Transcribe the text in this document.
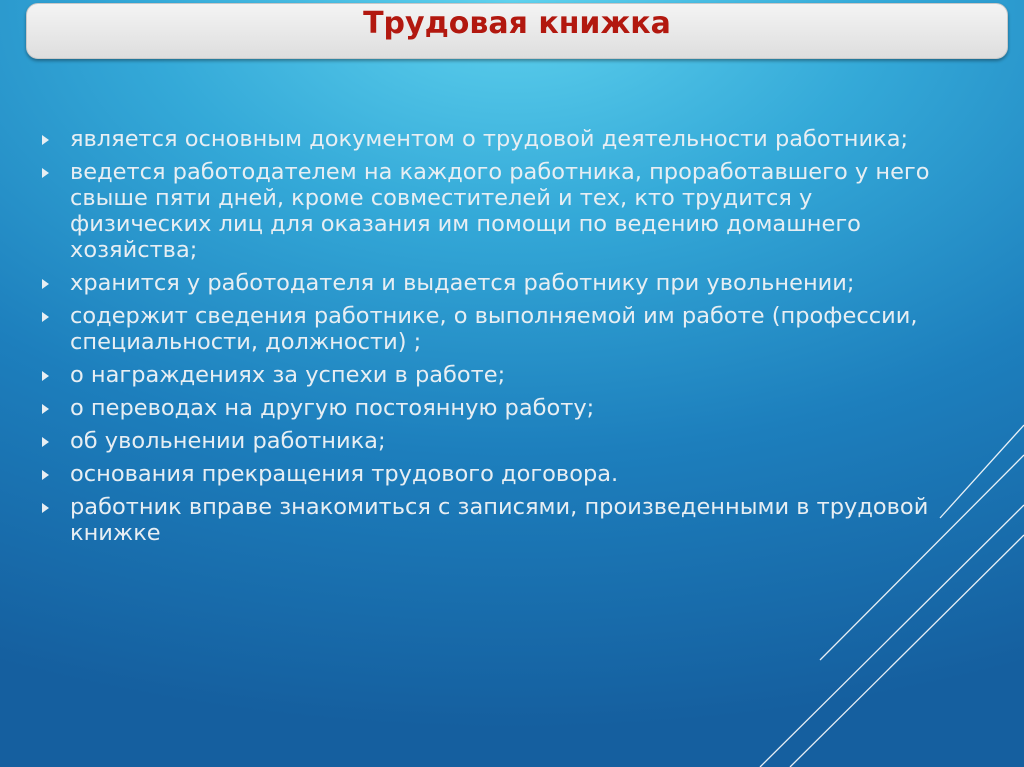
Трудовая книжка
является основным документом о трудовой деятельности работника;
ведется работодателем на каждого работника, проработавшего у него свыше пяти дней, кроме совместителей и тех, кто трудится у физических лиц для оказания им помощи по ведению домашнего хозяйства;
хранится у работодателя и выдается работнику при увольнении;
содержит сведения работнике, о выполняемой им работе (профессии, специальности, должности) ;
о награждениях за успехи в работе;
о переводах на другую постоянную работу;
об увольнении работника;
основания прекращения трудового договора.
работник вправе знакомиться с записями, произведенными в трудовой книжке
